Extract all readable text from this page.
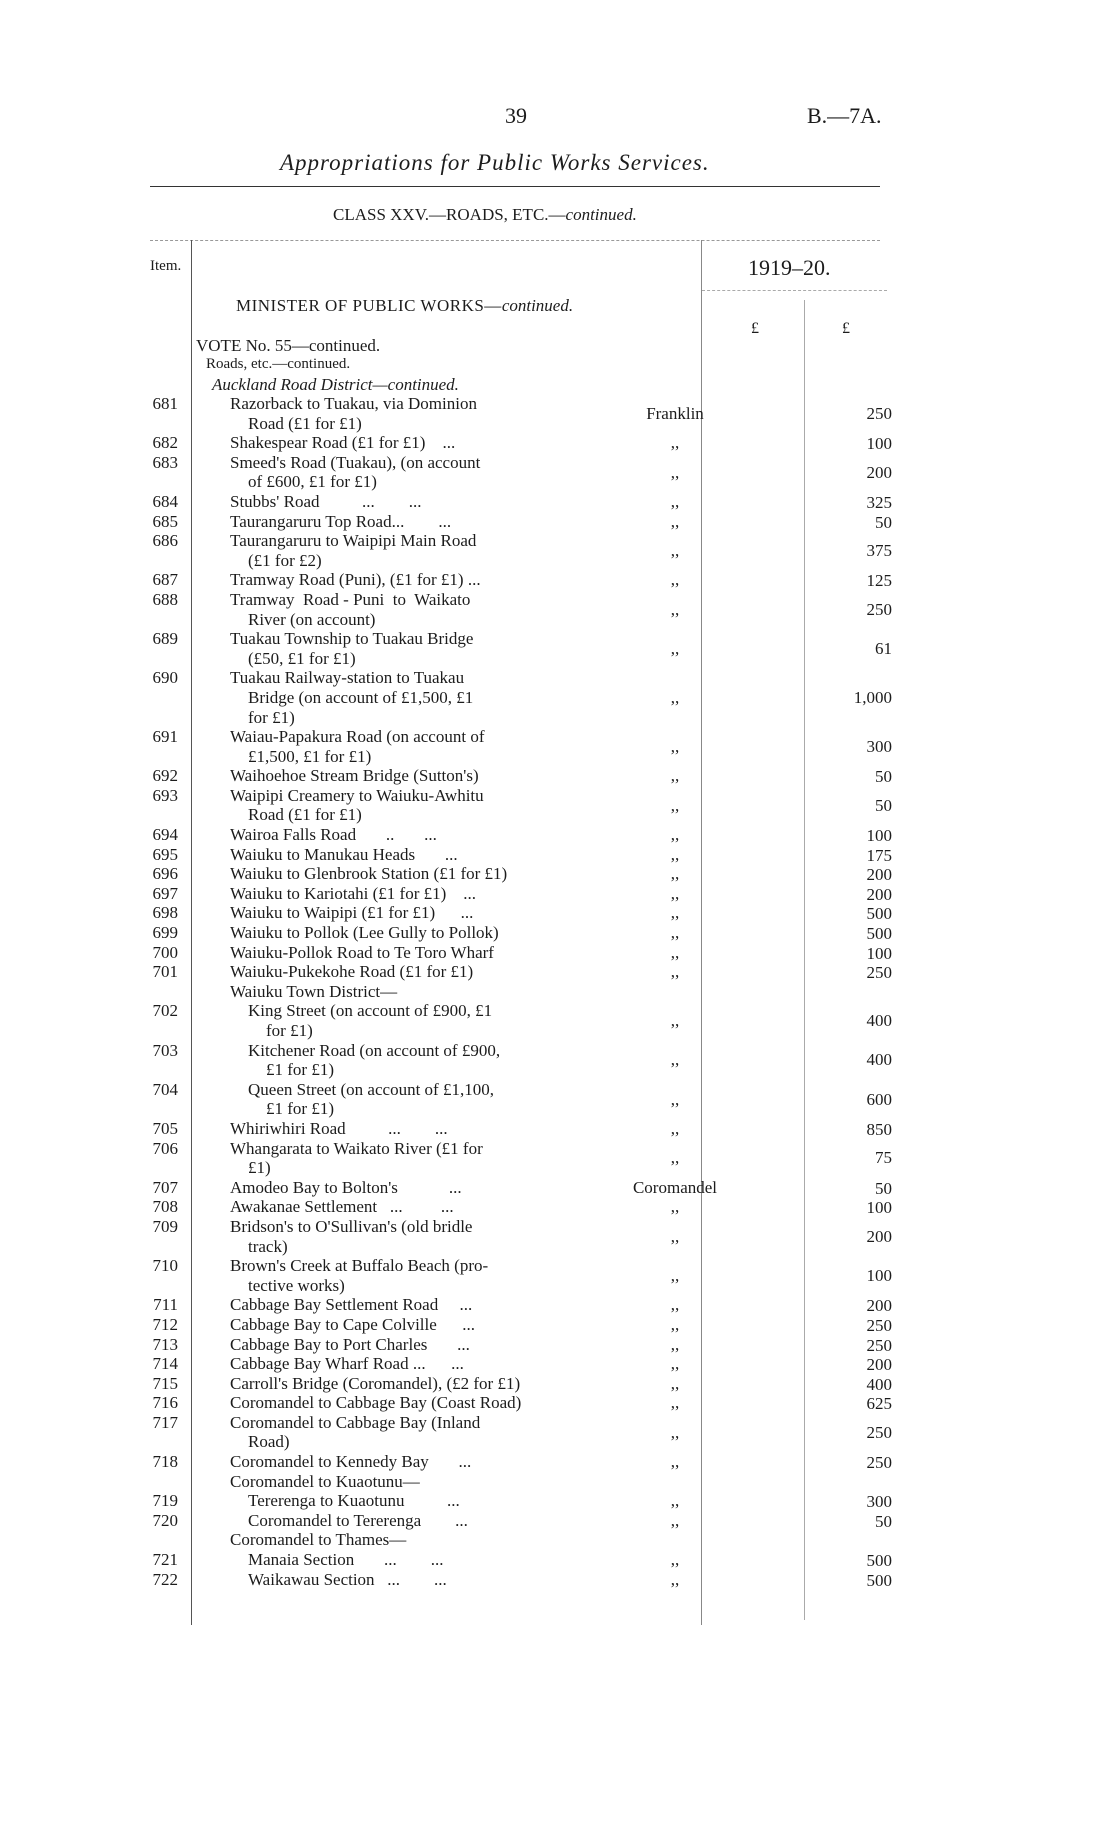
39	B.—7A.
Appropriations for Public Works Services.
CLASS XXV.—ROADS, ETC.—continued.
Item.	1919–20.
MINISTER OF PUBLIC WORKS—continued.
£	£
VOTE No. 55—continued.
Roads, etc.—continued.
Auckland Road District—continued.
681	Razorback to Tuakau, via Dominion
Road (£1 for £1)
Franklin	250
682	Shakespear Road (£1 for £1)    ...	,,	100
683	Smeed's Road (Tuakau), (on account
of £600, £1 for £1)
,,	200
684	Stubbs' Road          ...        ...	,,	325
685	Taurangaruru Top Road...        ...	,,	50
686	Taurangaruru to Waipipi Main Road
(£1 for £2)
,,	375
687	Tramway Road (Puni), (£1 for £1) ...	,,	125
688	Tramway  Road - Puni  to  Waikato
River (on account)
,,	250
689	Tuakau Township to Tuakau Bridge
(£50, £1 for £1)
,,	61
690	Tuakau Railway-station to Tuakau
Bridge (on account of £1,500, £1
for £1)
,,	1,000
691	Waiau-Papakura Road (on account of
£1,500, £1 for £1)
,,	300
692	Waihoehoe Stream Bridge (Sutton's)	,,	50
693	Waipipi Creamery to Waiuku-Awhitu
Road (£1 for £1)
,,	50
694	Wairoa Falls Road       ..       ...	,,	100
695	Waiuku to Manukau Heads       ...	,,	175
696	Waiuku to Glenbrook Station (£1 for £1)	,,	200
697	Waiuku to Kariotahi (£1 for £1)    ...	,,	200
698	Waiuku to Waipipi (£1 for £1)      ...	,,	500
699	Waiuku to Pollok (Lee Gully to Pollok)	,,	500
700	Waiuku-Pollok Road to Te Toro Wharf	,,	100
701	Waiuku-Pukekohe Road (£1 for £1)	,,	250
Waiuku Town District—
702	King Street (on account of £900, £1
for £1)
,,	400
703	Kitchener Road (on account of £900,
£1 for £1)
,,	400
704	Queen Street (on account of £1,100,
£1 for £1)
,,	600
705	Whiriwhiri Road          ...        ...	,,	850
706	Whangarata to Waikato River (£1 for
£1)
,,	75
707	Amodeo Bay to Bolton's            ...	Coromandel	50
708	Awakanae Settlement   ...         ...	,,	100
709	Bridson's to O'Sullivan's (old bridle
track)
,,	200
710	Brown's Creek at Buffalo Beach (pro-
tective works)
,,	100
711	Cabbage Bay Settlement Road     ...	,,	200
712	Cabbage Bay to Cape Colville      ...	,,	250
713	Cabbage Bay to Port Charles       ...	,,	250
714	Cabbage Bay Wharf Road ...      ...	,,	200
715	Carroll's Bridge (Coromandel), (£2 for £1)	,,	400
716	Coromandel to Cabbage Bay (Coast Road)	,,	625
717	Coromandel to Cabbage Bay (Inland
Road)
,,	250
718	Coromandel to Kennedy Bay       ...	,,	250
Coromandel to Kuaotunu—
719	Tererenga to Kuaotunu          ...	,,	300
720	Coromandel to Tererenga        ...	,,	50
Coromandel to Thames—
721	Manaia Section       ...        ...	,,	500
722	Waikawau Section   ...        ...	,,	500
